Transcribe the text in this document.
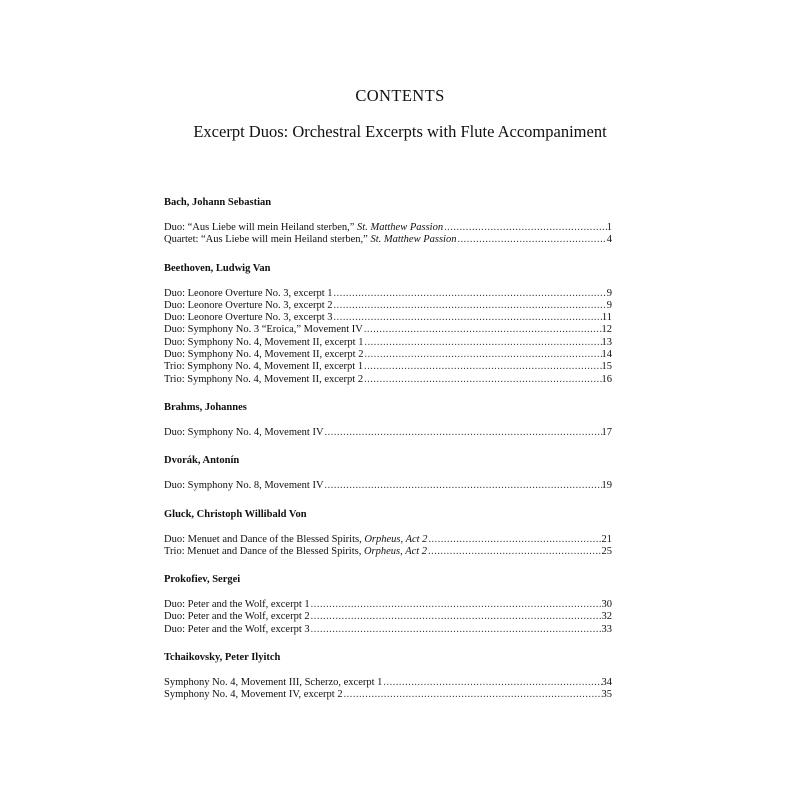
CONTENTS
Excerpt Duos: Orchestral Excerpts with Flute Accompaniment
Bach, Johann Sebastian
Duo: “Aus Liebe will mein Heiland sterben,” St. Matthew Passion .....	1
Quartet: “Aus Liebe will mein Heiland sterben,” St. Matthew Passion .....	4
Beethoven, Ludwig Van
Duo: Leonore Overture No. 3, excerpt 1 .....	9
Duo: Leonore Overture No. 3, excerpt 2 .....	9
Duo: Leonore Overture No. 3, excerpt 3 .....	11
Duo: Symphony No. 3 “Eroica,” Movement IV .....	12
Duo: Symphony No. 4, Movement II, excerpt 1 .....	13
Duo: Symphony No. 4, Movement II, excerpt 2 .....	14
Trio: Symphony No. 4, Movement II, excerpt 1 .....	15
Trio: Symphony No. 4, Movement II, excerpt 2 .....	16
Brahms, Johannes
Duo: Symphony No. 4, Movement IV .....	17
Dvorák, Antonín
Duo: Symphony No. 8, Movement IV .....	19
Gluck, Christoph Willibald Von
Duo: Menuet and Dance of the Blessed Spirits, Orpheus, Act 2 .....	21
Trio: Menuet and Dance of the Blessed Spirits, Orpheus, Act 2 .....	25
Prokofiev, Sergei
Duo: Peter and the Wolf, excerpt 1 .....	30
Duo: Peter and the Wolf, excerpt 2 .....	32
Duo: Peter and the Wolf, excerpt 3 .....	33
Tchaikovsky, Peter Ilyitch
Symphony No. 4, Movement III, Scherzo, excerpt 1 .....	34
Symphony No. 4, Movement IV, excerpt 2 .....	35
